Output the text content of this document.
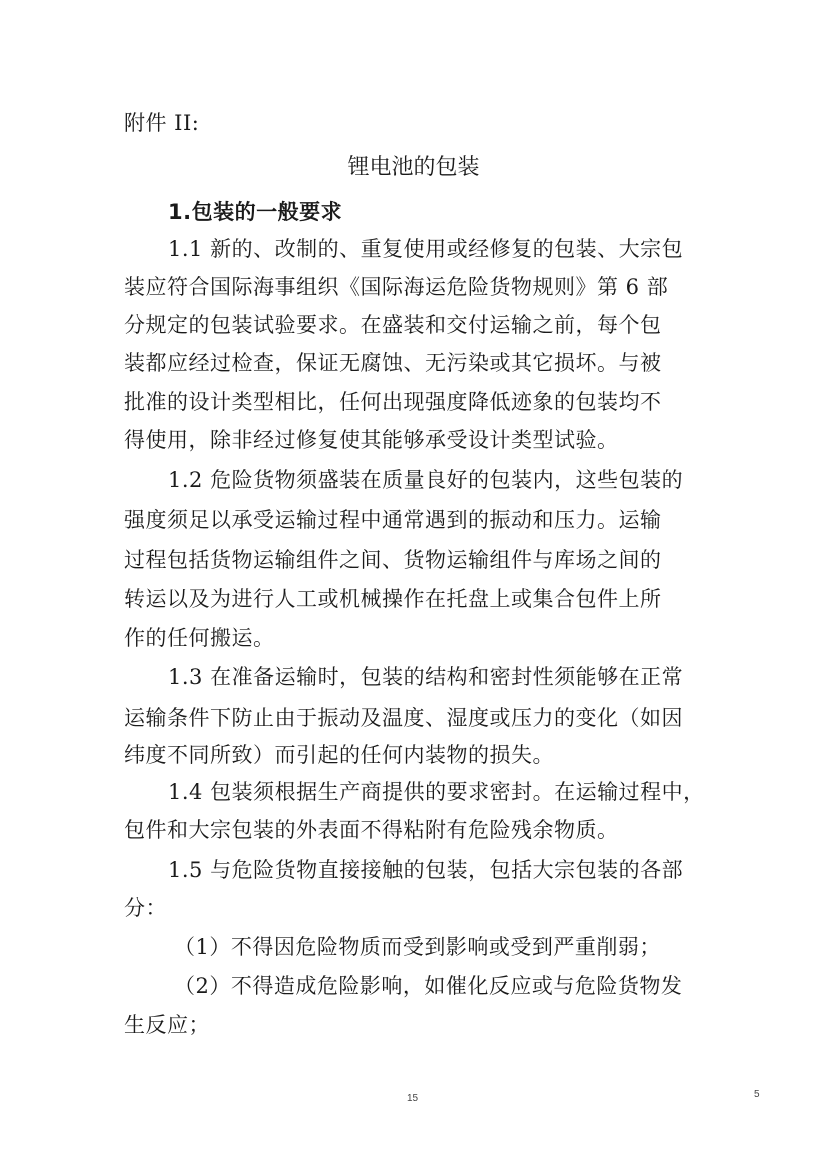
附件 II:
锂电池的包装
1.包装的一般要求
1.1 新的、改制的、重复使用或经修复的包装、大宗包
装应符合国际海事组织《国际海运危险货物规则》第 6 部
分规定的包装试验要求。在盛装和交付运输之前，每个包
装都应经过检查，保证无腐蚀、无污染或其它损坏。与被
批准的设计类型相比，任何出现强度降低迹象的包装均不
得使用，除非经过修复使其能够承受设计类型试验。
1.2 危险货物须盛装在质量良好的包装内，这些包装的
强度须足以承受运输过程中通常遇到的振动和压力。运输
过程包括货物运输组件之间、货物运输组件与库场之间的
转运以及为进行人工或机械操作在托盘上或集合包件上所
作的任何搬运。
1.3 在准备运输时，包装的结构和密封性须能够在正常
运输条件下防止由于振动及温度、湿度或压力的变化（如因
纬度不同所致）而引起的任何内装物的损失。
1.4 包装须根据生产商提供的要求密封。在运输过程中，
包件和大宗包装的外表面不得粘附有危险残余物质。
1.5 与危险货物直接接触的包装，包括大宗包装的各部
分：
（1）不得因危险物质而受到影响或受到严重削弱；
（2）不得造成危险影响，如催化反应或与危险货物发
生反应；
15	5
